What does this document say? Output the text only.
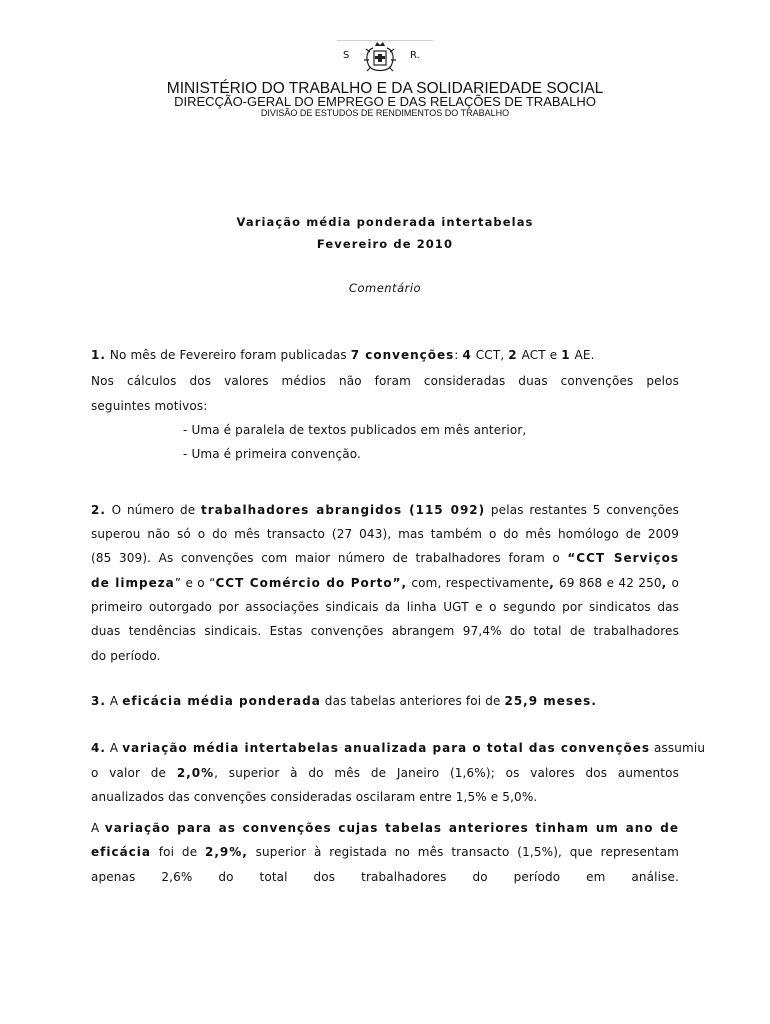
S	R.
MINISTÉRIO DO TRABALHO E DA SOLIDARIEDADE SOCIAL
DIRECÇÃO-GERAL DO EMPREGO E DAS RELAÇÕES DE TRABALHO
DIVISÃO DE ESTUDOS DE RENDIMENTOS DO TRABALHO
Variação média ponderada intertabelas
Fevereiro de 2010
Comentário
1. No mês de Fevereiro foram publicadas 7 convenções: 4 CCT, 2 ACT e 1 AE.
Nos cálculos dos valores médios não foram consideradas duas convenções pelos
seguintes motivos:
- Uma é paralela de textos publicados em mês anterior,
- Uma é primeira convenção.
2. O número de trabalhadores abrangidos (115 092) pelas restantes 5 convenções
superou não só o do mês transacto (27 043), mas também o do mês homólogo de 2009
(85 309). As convenções com maior número de trabalhadores foram o “CCT Serviços
de limpeza” e o “CCT Comércio do Porto”, com, respectivamente, 69 868 e 42 250, o
primeiro outorgado por associações sindicais da linha UGT e o segundo por sindicatos das
duas tendências sindicais. Estas convenções abrangem 97,4% do total de trabalhadores
do período.
3. A eficácia média ponderada das tabelas anteriores foi de 25,9 meses.
4. A variação média intertabelas anualizada para o total das convenções assumiu
o valor de 2,0%, superior à do mês de Janeiro (1,6%); os valores dos aumentos
anualizados das convenções consideradas oscilaram entre 1,5% e 5,0%.
A variação para as convenções cujas tabelas anteriores tinham um ano de
eficácia foi de 2,9%, superior à registada no mês transacto (1,5%), que representam
apenas 2,6% do total dos trabalhadores do período em análise.
